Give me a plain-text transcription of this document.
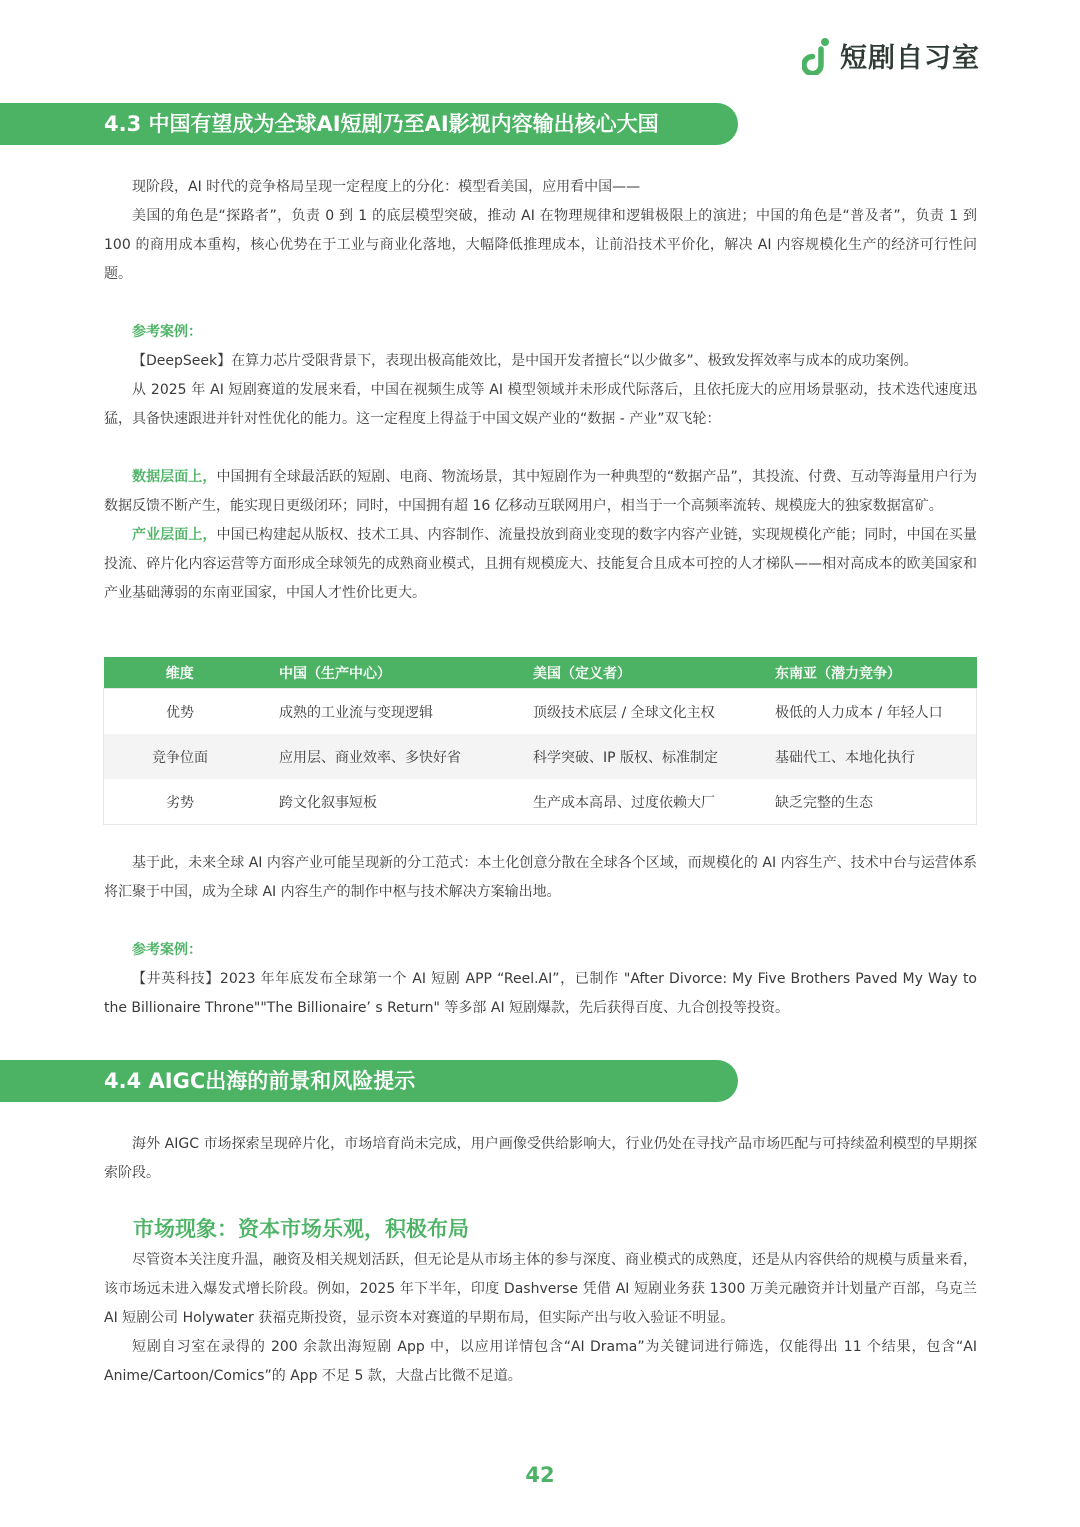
短剧自习室
4.3 中国有望成为全球AI短剧乃至AI影视内容输出核心大国

现阶段，AI 时代的竞争格局呈现一定程度上的分化：模型看美国，应用看中国——

美国的角色是“探路者”，负责 0 到 1 的底层模型突破，推动 AI 在物理规律和逻辑极限上的演进；中国的角色是“普及者”，负责 1 到 100 的商用成本重构，核心优势在于工业与商业化落地，大幅降低推理成本，让前沿技术平价化，解决 AI 内容规模化生产的经济可行性问题。

参考案例：

【DeepSeek】在算力芯片受限背景下，表现出极高能效比，是中国开发者擅长“以少做多”、极致发挥效率与成本的成功案例。

从 2025 年 AI 短剧赛道的发展来看，中国在视频生成等 AI 模型领域并未形成代际落后，且依托庞大的应用场景驱动，技术迭代速度迅猛，具备快速跟进并针对性优化的能力。这一定程度上得益于中国文娱产业的“数据 - 产业”双飞轮：

数据层面上，中国拥有全球最活跃的短剧、电商、物流场景，其中短剧作为一种典型的“数据产品”，其投流、付费、互动等海量用户行为数据反馈不断产生，能实现日更级闭环；同时，中国拥有超 16 亿移动互联网用户，相当于一个高频率流转、规模庞大的独家数据富矿。

产业层面上，中国已构建起从版权、技术工具、内容制作、流量投放到商业变现的数字内容产业链，实现规模化产能；同时，中国在买量投流、碎片化内容运营等方面形成全球领先的成熟商业模式，且拥有规模庞大、技能复合且成本可控的人才梯队——相对高成本的欧美国家和产业基础薄弱的东南亚国家，中国人才性价比更大。

维度	中国（生产中心）	美国（定义者）	东南亚（潜力竞争）
优势	成熟的工业流与变现逻辑	顶级技术底层 / 全球文化主权	极低的人力成本 / 年轻人口
竞争位面	应用层、商业效率、多快好省	科学突破、IP 版权、标准制定	基础代工、本地化执行
劣势	跨文化叙事短板	生产成本高昂、过度依赖大厂	缺乏完整的生态

基于此，未来全球 AI 内容产业可能呈现新的分工范式：本土化创意分散在全球各个区域，而规模化的 AI 内容生产、技术中台与运营体系将汇聚于中国，成为全球 AI 内容生产的制作中枢与技术解决方案输出地。

参考案例：

【井英科技】2023 年年底发布全球第一个 AI 短剧 APP “Reel.AI”，已制作 "After Divorce: My Five Brothers Paved My Way to the Billionaire Throne""The Billionaire’ s Return" 等多部 AI 短剧爆款，先后获得百度、九合创投等投资。

4.4 AIGC出海的前景和风险提示

海外 AIGC 市场探索呈现碎片化，市场培育尚未完成，用户画像受供给影响大，行业仍处在寻找产品市场匹配与可持续盈利模型的早期探索阶段。

市场现象：资本市场乐观，积极布局

尽管资本关注度升温，融资及相关规划活跃，但无论是从市场主体的参与深度、商业模式的成熟度，还是从内容供给的规模与质量来看，该市场远未进入爆发式增长阶段。例如，2025 年下半年，印度 Dashverse 凭借 AI 短剧业务获 1300 万美元融资并计划量产百部，乌克兰 AI 短剧公司 Holywater 获福克斯投资，显示资本对赛道的早期布局，但实际产出与收入验证不明显。

短剧自习室在录得的 200 余款出海短剧 App 中，以应用详情包含“AI Drama”为关键词进行筛选，仅能得出 11 个结果，包含“AI Anime/Cartoon/Comics”的 App 不足 5 款，大盘占比微不足道。

42
